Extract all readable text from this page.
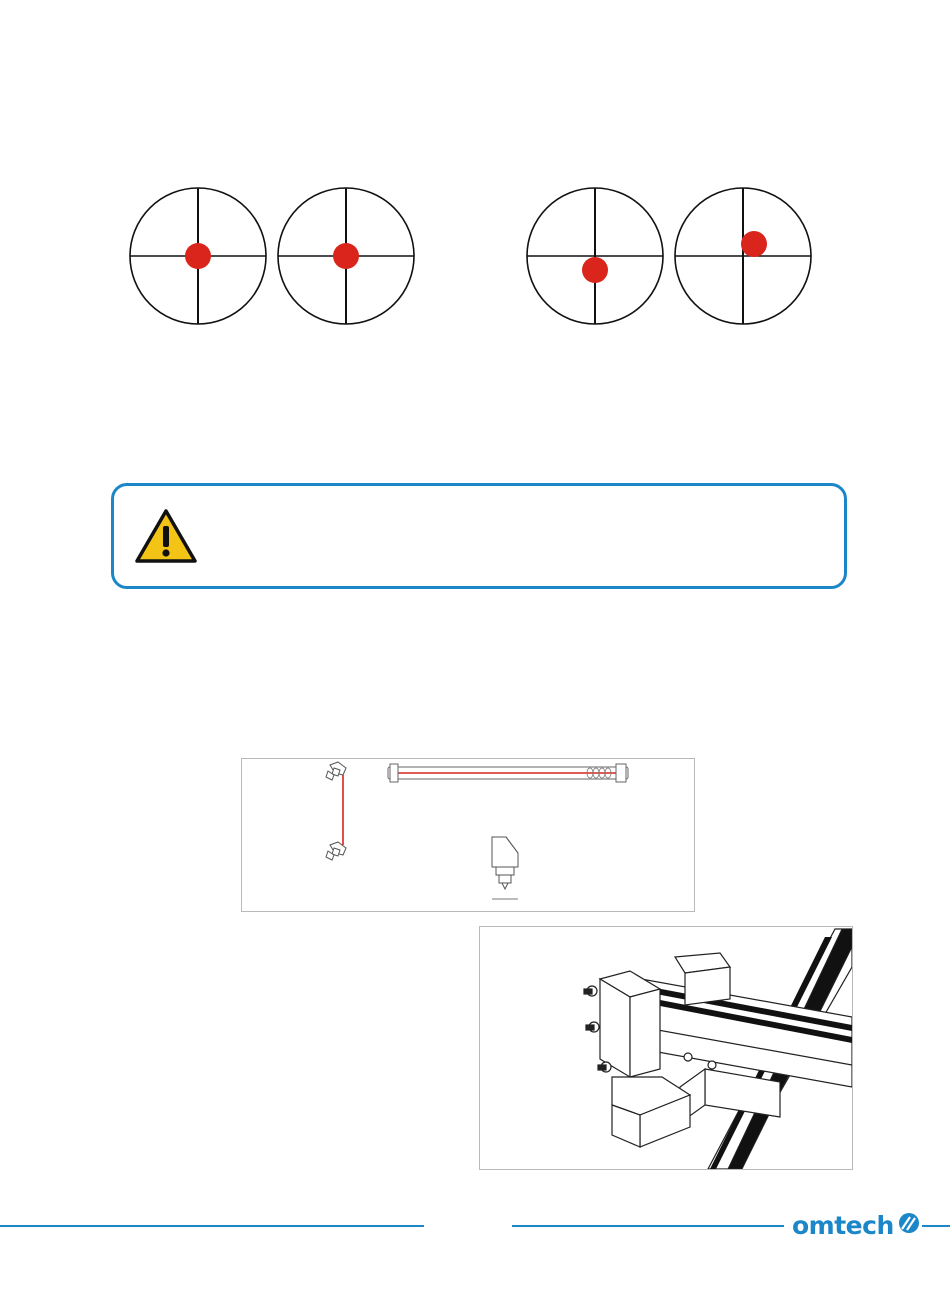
omtech
